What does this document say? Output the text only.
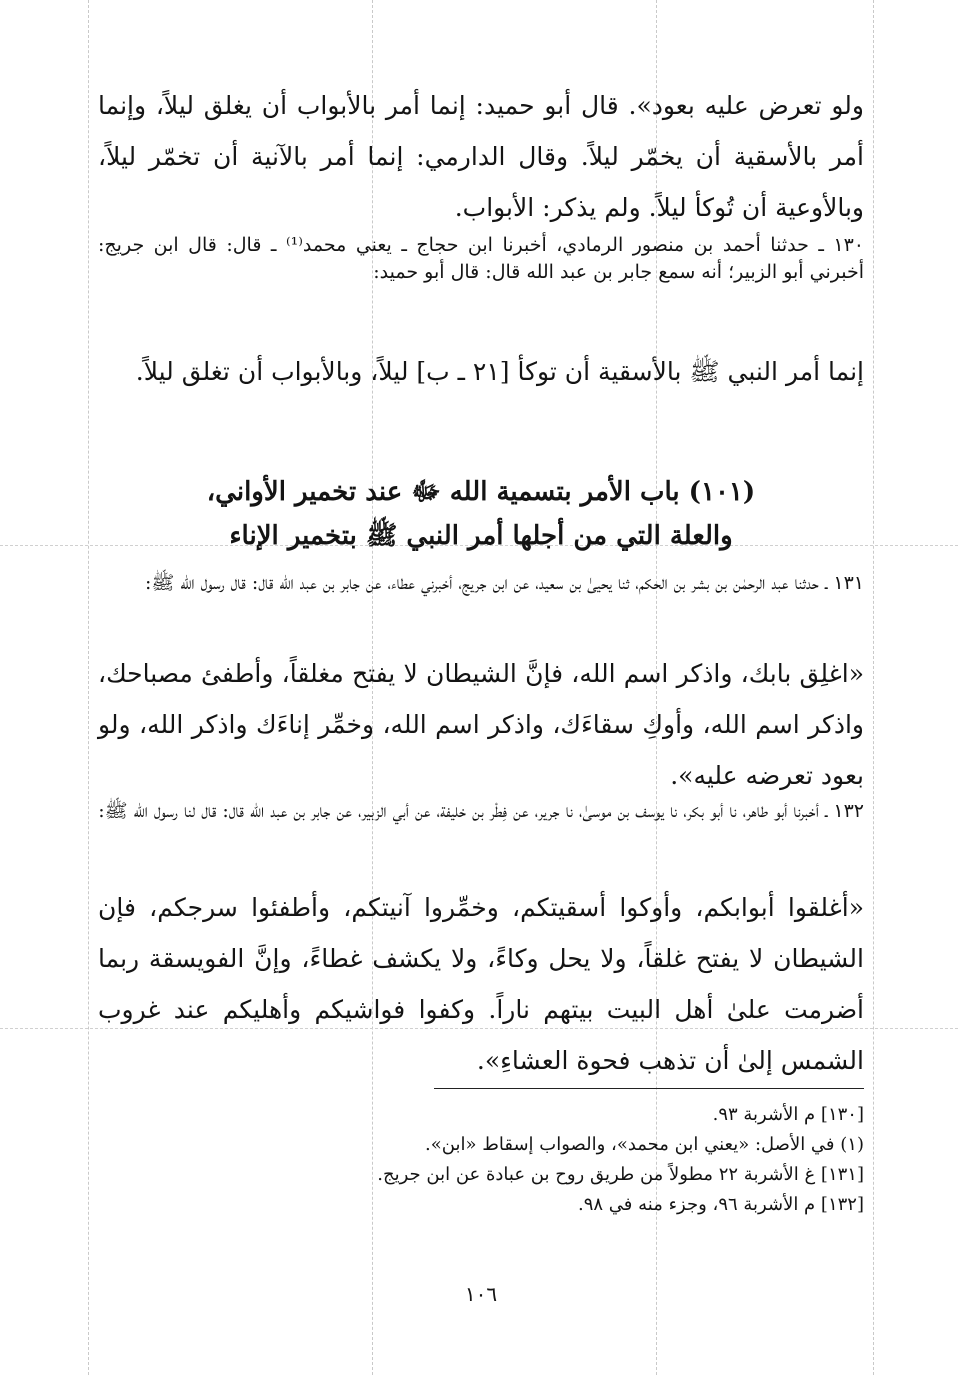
ولو تعرض عليه بعود». قال أبو حميد: إنما أمر بالأبواب أن يغلق ليلاً، وإنما أمر بالأسقية أن يخمّر ليلاً. وقال الدارمي: إنما أمر بالآنية أن تخمّر ليلاً، وبالأوعية أن تُوكأ ليلاً. ولم يذكر: الأبواب.

١٣٠ ـ حدثنا أحمد بن منصور الرمادي، أخبرنا ابن حجاج ـ يعني محمد⁽¹⁾ ـ قال: قال ابن جريج: أخبرني أبو الزبير؛ أنه سمع جابر بن عبد الله قال: قال أبو حميد:

إنما أمر النبي ﷺ بالأسقية أن توكأ [٢١ ـ ب] ليلاً، وبالأبواب أن تغلق ليلاً.

(١٠١) باب الأمر بتسمية الله ﷻ عند تخمير الأواني،
والعلة التي من أجلها أمر النبي ﷺ بتخمير الإناء

١٣١ ـ حدثنا عبد الرحمٰن بن بشر بن الحكم، ثنا يحيىٰ بن سعيد، عن ابن جريج، أخبرني عطاء، عن جابر بن عبد الله قال: قال رسول الله ﷺ:

«اغلِق بابك، واذكر اسم الله، فإنَّ الشيطان لا يفتح مغلقاً، وأطفئ مصباحك، واذكر اسم الله، وأوكِ سقاءَك، واذكر اسم الله، وخمِّر إناءَك واذكر الله، ولو بعود تعرضه عليه».

١٣٢ ـ أخبرنا أبو طاهر، نا أبو بكر، نا يوسف بن موسىٰ، نا جرير، عن فِطْر بن خليفة، عن أبي الزبير، عن جابر بن عبد الله قال: قال لنا رسول الله ﷺ:

«أغلقوا أبوابكم، وأوكوا أسقيتكم، وخمِّروا آنيتكم، وأطفئوا سرجكم، فإن الشيطان لا يفتح غلقاً، ولا يحل وكاءً، ولا يكشف غطاءً، وإنَّ الفويسقة ربما أضرمت علىٰ أهل البيت بيتهم ناراً. وكفوا فواشيكم وأهليكم عند غروب الشمس إلىٰ أن تذهب فحوة العشاءِ».

[١٣٠] م الأشربة ٩٣.
(١) في الأصل: «يعني ابن محمد»، والصواب إسقاط «ابن».
[١٣١] غ الأشربة ٢٢ مطولاً من طريق روح بن عبادة عن ابن جريج.
[١٣٢] م الأشربة ٩٦، وجزء منه في ٩٨.
١٠٦
